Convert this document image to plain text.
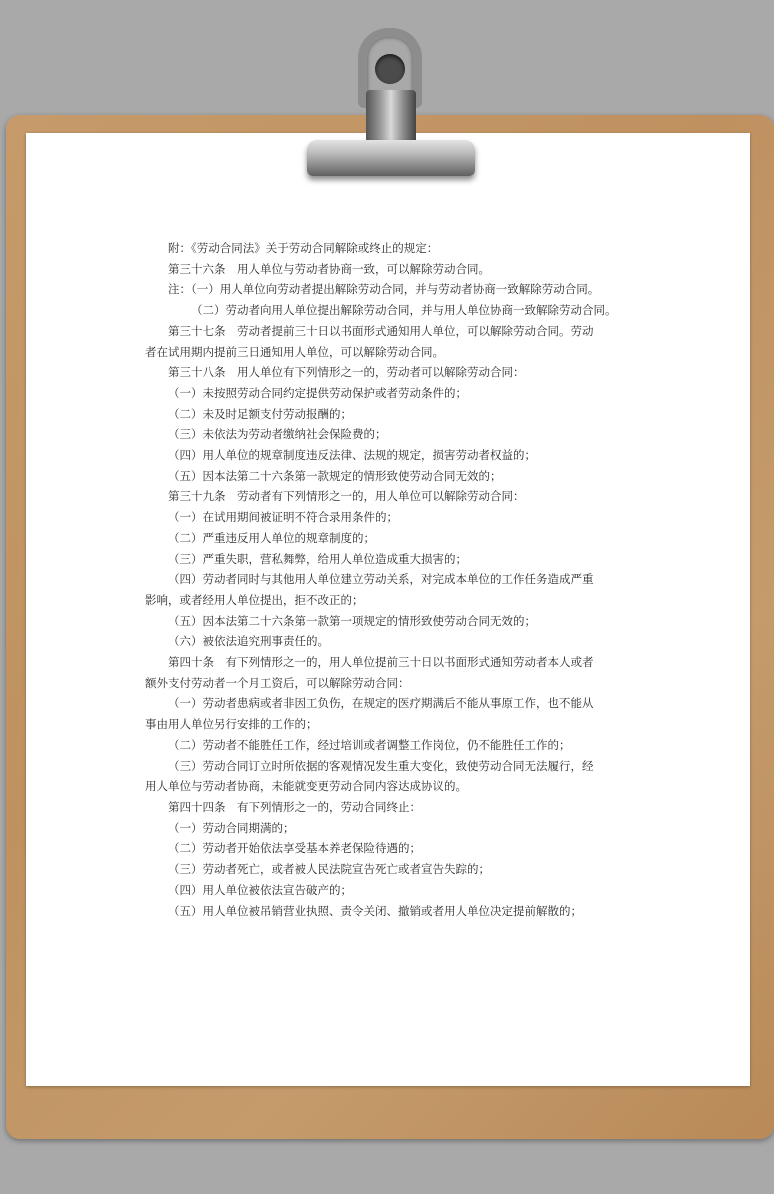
附：《劳动合同法》关于劳动合同解除或终止的规定：

第三十六条　用人单位与劳动者协商一致，可以解除劳动合同。

注：（一）用人单位向劳动者提出解除劳动合同，并与劳动者协商一致解除劳动合同。

（二）劳动者向用人单位提出解除劳动合同，并与用人单位协商一致解除劳动合同。

第三十七条　劳动者提前三十日以书面形式通知用人单位，可以解除劳动合同。劳动

者在试用期内提前三日通知用人单位，可以解除劳动合同。

第三十八条　用人单位有下列情形之一的，劳动者可以解除劳动合同：

（一）未按照劳动合同约定提供劳动保护或者劳动条件的；

（二）未及时足额支付劳动报酬的；

（三）未依法为劳动者缴纳社会保险费的；

（四）用人单位的规章制度违反法律、法规的规定，损害劳动者权益的；

（五）因本法第二十六条第一款规定的情形致使劳动合同无效的；

第三十九条　劳动者有下列情形之一的，用人单位可以解除劳动合同：

（一）在试用期间被证明不符合录用条件的；

（二）严重违反用人单位的规章制度的；

（三）严重失职，营私舞弊，给用人单位造成重大损害的；

（四）劳动者同时与其他用人单位建立劳动关系，对完成本单位的工作任务造成严重

影响，或者经用人单位提出，拒不改正的；

（五）因本法第二十六条第一款第一项规定的情形致使劳动合同无效的；

（六）被依法追究刑事责任的。

第四十条　有下列情形之一的，用人单位提前三十日以书面形式通知劳动者本人或者

额外支付劳动者一个月工资后，可以解除劳动合同：

（一）劳动者患病或者非因工负伤，在规定的医疗期满后不能从事原工作，也不能从

事由用人单位另行安排的工作的；

（二）劳动者不能胜任工作，经过培训或者调整工作岗位，仍不能胜任工作的；

（三）劳动合同订立时所依据的客观情况发生重大变化，致使劳动合同无法履行，经

用人单位与劳动者协商，未能就变更劳动合同内容达成协议的。

第四十四条　有下列情形之一的，劳动合同终止：

（一）劳动合同期满的；

（二）劳动者开始依法享受基本养老保险待遇的；

（三）劳动者死亡，或者被人民法院宣告死亡或者宣告失踪的；

（四）用人单位被依法宣告破产的；

（五）用人单位被吊销营业执照、责令关闭、撤销或者用人单位决定提前解散的；
